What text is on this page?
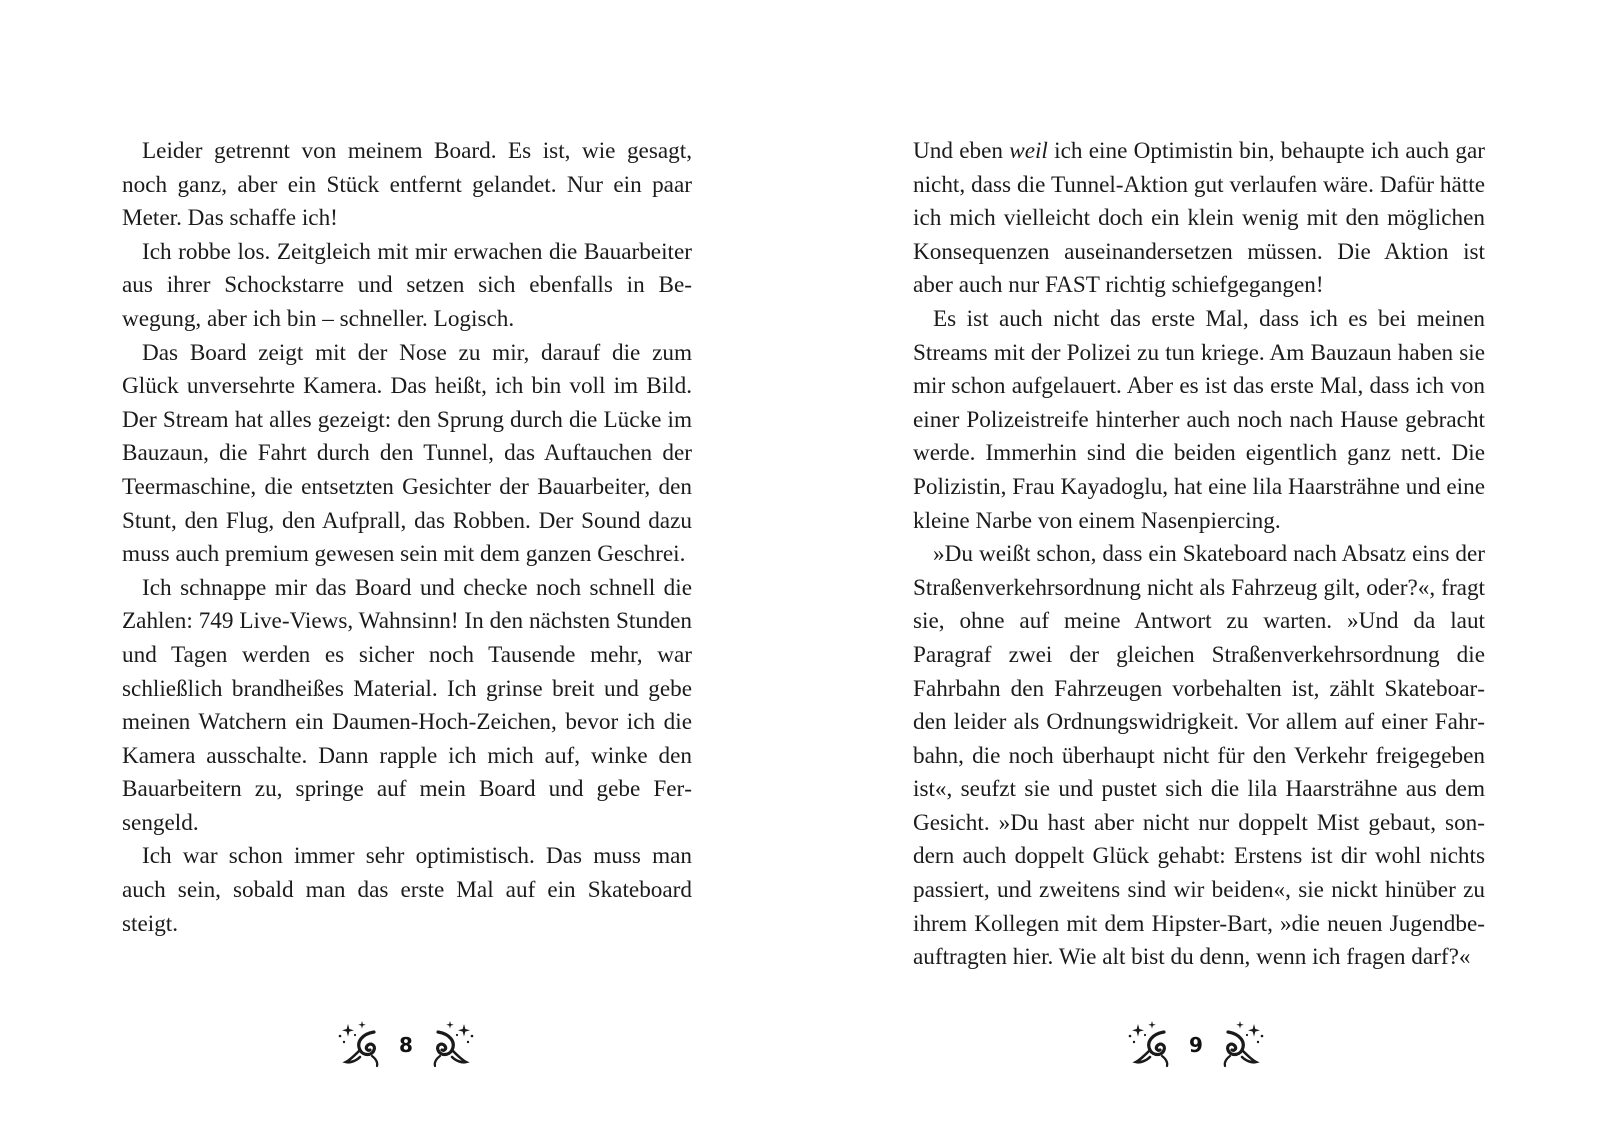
Leider getrennt von meinem Board. Es ist, wie gesagt, noch ganz, aber ein Stück entfernt gelandet. Nur ein paar Meter. Das schaffe ich!

Ich robbe los. Zeitgleich mit mir erwachen die Bauarbeiter aus ihrer Schockstarre und setzen sich ebenfalls in Bewegung, aber ich bin – schneller. Logisch.

Das Board zeigt mit der Nose zu mir, darauf die zum Glück unversehrte Kamera. Das heißt, ich bin voll im Bild. Der Stream hat alles gezeigt: den Sprung durch die Lücke im Bauzaun, die Fahrt durch den Tunnel, das Auftauchen der Teermaschine, die entsetzten Gesichter der Bauarbeiter, den Stunt, den Flug, den Aufprall, das Robben. Der Sound dazu muss auch premium gewesen sein mit dem ganzen Geschrei.

Ich schnappe mir das Board und checke noch schnell die Zahlen: 749 Live-Views, Wahnsinn! In den nächsten Stunden und Tagen werden es sicher noch Tausende mehr, war schließlich brandheißes Material. Ich grinse breit und gebe meinen Watchern ein Daumen-Hoch-Zeichen, bevor ich die Kamera ausschalte. Dann rapple ich mich auf, winke den Bauarbeitern zu, springe auf mein Board und gebe Fersengeld.

Ich war schon immer sehr optimistisch. Das muss man auch sein, sobald man das erste Mal auf ein Skateboard steigt.

Und eben weil ich eine Optimistin bin, behaupte ich auch gar nicht, dass die Tunnel-Aktion gut verlaufen wäre. Dafür hätte ich mich vielleicht doch ein klein wenig mit den möglichen Konsequenzen auseinandersetzen müssen. Die Aktion ist aber auch nur FAST richtig schiefgegangen!

Es ist auch nicht das erste Mal, dass ich es bei meinen Streams mit der Polizei zu tun kriege. Am Bauzaun haben sie mir schon aufgelauert. Aber es ist das erste Mal, dass ich von einer Polizeistreife hinterher auch noch nach Hause gebracht werde. Immerhin sind die beiden eigentlich ganz nett. Die Polizistin, Frau Kayadoglu, hat eine lila Haarsträhne und eine kleine Narbe von einem Nasenpiercing.

»Du weißt schon, dass ein Skateboard nach Absatz eins der Straßenverkehrsordnung nicht als Fahrzeug gilt, oder?«, fragt sie, ohne auf meine Antwort zu warten. »Und da laut Paragraf zwei der gleichen Straßenverkehrsordnung die Fahrbahn den Fahrzeugen vorbehalten ist, zählt Skateboarden leider als Ordnungswidrigkeit. Vor allem auf einer Fahrbahn, die noch überhaupt nicht für den Verkehr freigegeben ist«, seufzt sie und pustet sich die lila Haarsträhne aus dem Gesicht. »Du hast aber nicht nur doppelt Mist gebaut, sondern auch doppelt Glück gehabt: Erstens ist dir wohl nichts passiert, und zweitens sind wir beiden«, sie nickt hinüber zu ihrem Kollegen mit dem Hipster-Bart, »die neuen Jugendbeauftragten hier. Wie alt bist du denn, wenn ich fragen darf?«

8	9
